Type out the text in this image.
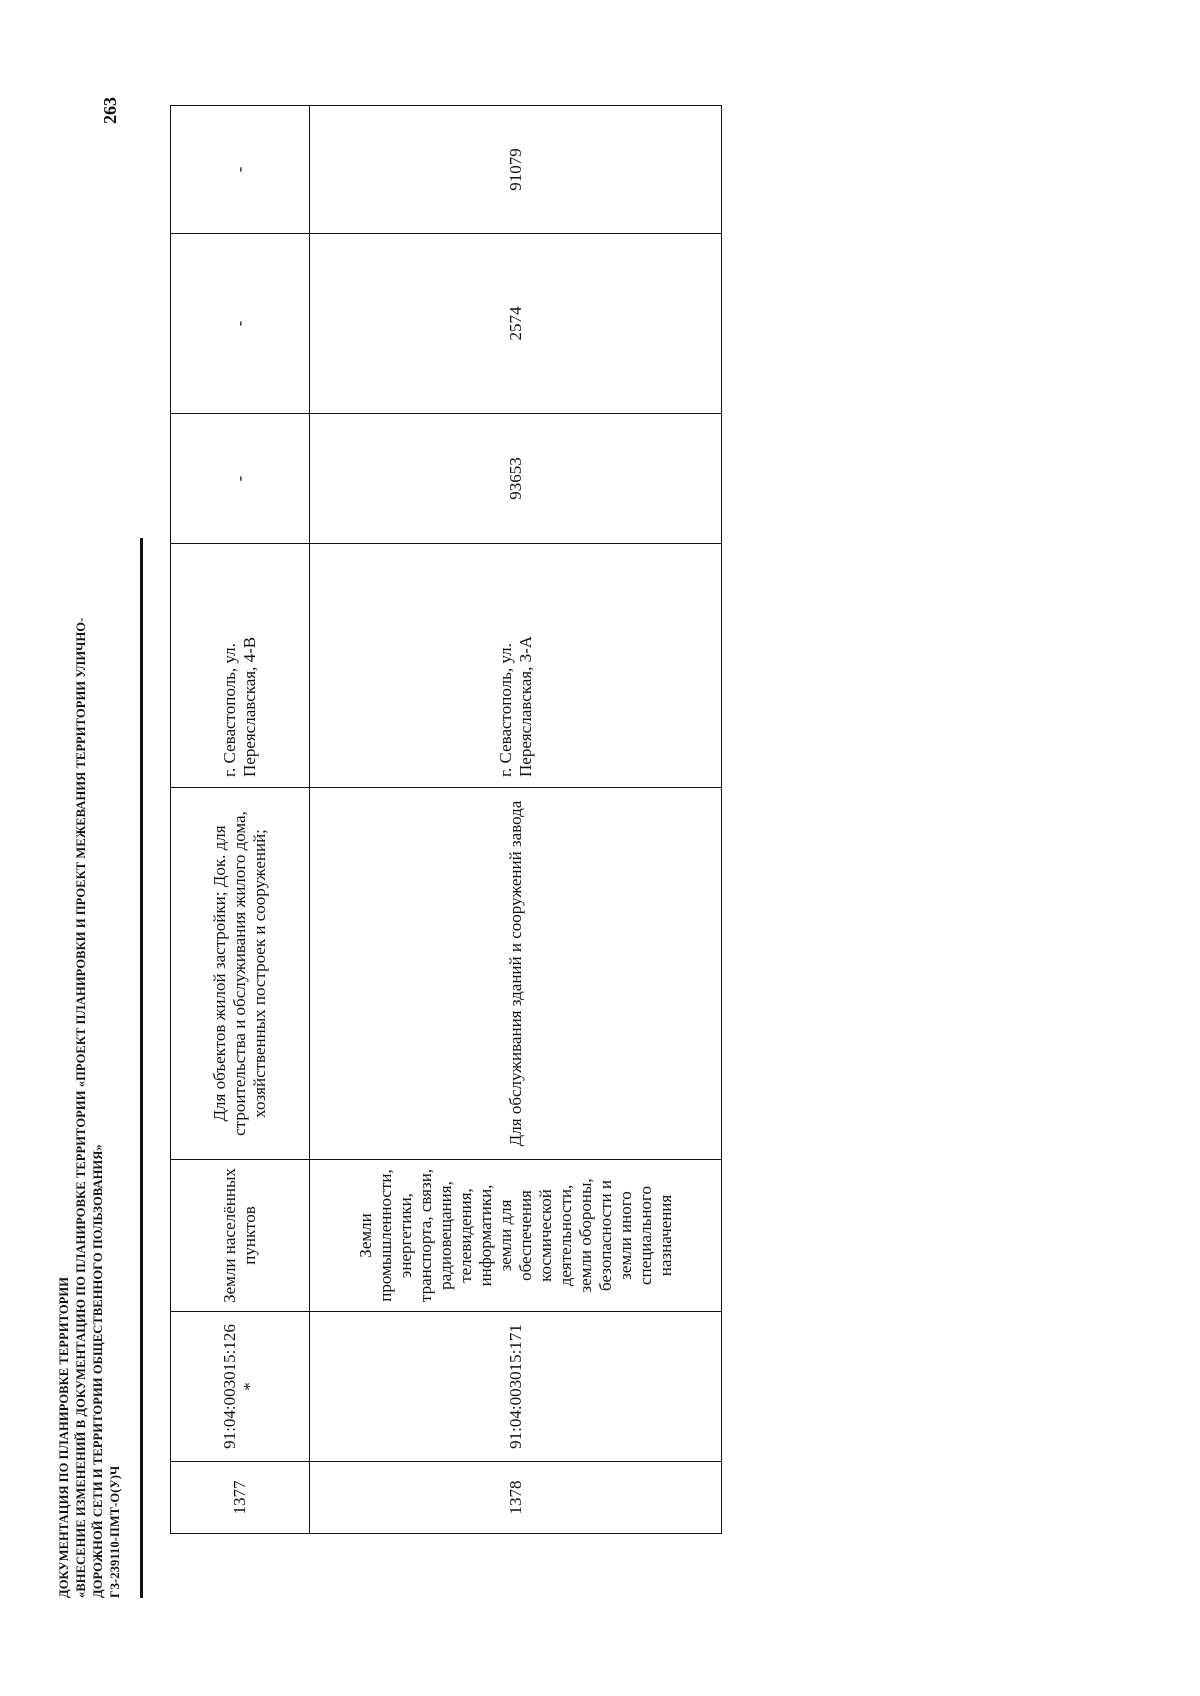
ДОКУМЕНТАЦИЯ ПО ПЛАНИРОВКЕ ТЕРРИТОРИИ «ВНЕСЕНИЕ ИЗМЕНЕНИЙ В ДОКУМЕНТАЦИЮ ПО ПЛАНИРОВКЕ ТЕРРИТОРИИ «ПРОЕКТ ПЛАНИРОВКИ И ПРОЕКТ МЕЖЕВАНИЯ ТЕРРИТОРИИ УЛИЧНО- ДОРОЖНОЙ СЕТИ И ТЕРРИТОРИИ ОБЩЕСТВЕННОГО ПОЛЬЗОВАНИЯ» ГЗ-239110-ПМТ-О(У)Ч
263
1377	91:04:003015:126 *	Земли населённых пунктов	Для объектов жилой застройки; Док. для строительства и обслуживания жилого дома, хозяйственных построек и сооружений;	г. Севастополь, ул. Переяславская, 4-В	-	-	-
1378	91:04:003015:171	Земли промышленности, энергетики, транспорта, связи, радиовещания, телевидения, информатики, земли для обеспечения космической деятельности, земли обороны, безопасности и земли иного специального назначения	Для обслуживания зданий и сооружений завода	г. Севастополь, ул. Переяславская, 3-А	93653	2574	91079
